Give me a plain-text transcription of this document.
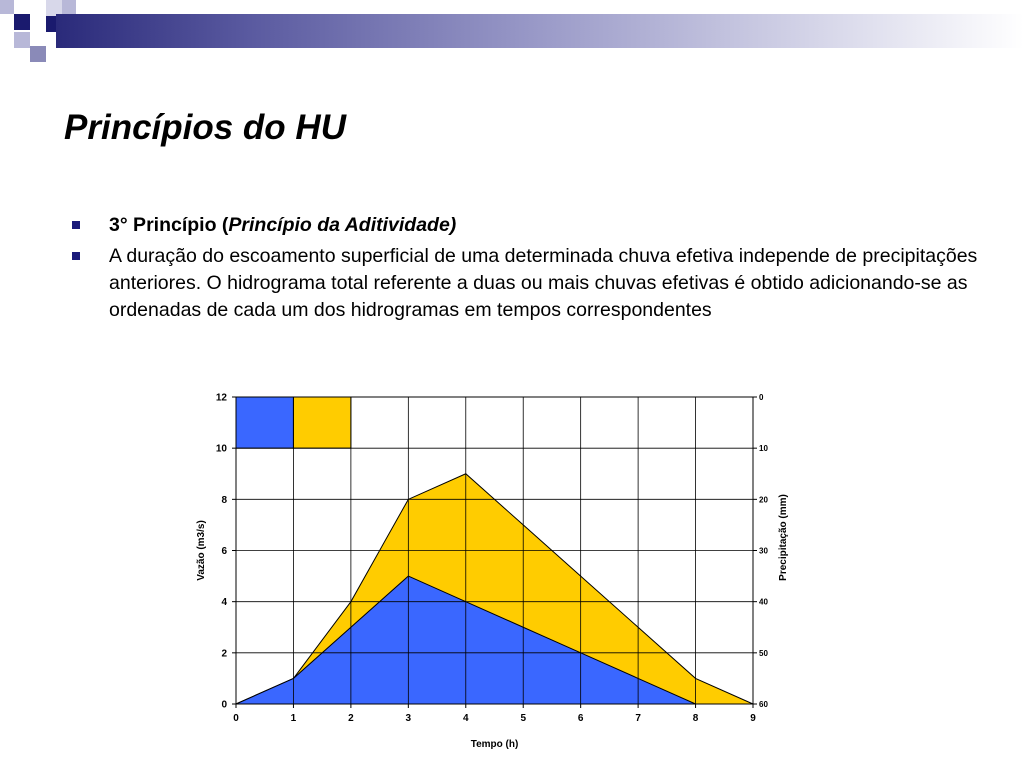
Princípios do HU
3° Princípio (Princípio da Aditividade)
A duração do escoamento superficial de uma determinada chuva efetiva independe de precipitações anteriores. O hidrograma total referente a duas ou mais chuvas efetivas é obtido adicionando-se as ordenadas de cada um dos hidrogramas em tempos correspondentes
0	1	2	3	4	5	6	7	8	9
0
2
4
6
8
10
12	0
10
20
30
40
50
60
Tempo (h)
Vazão (m3/s)	Precipitação (mm)
